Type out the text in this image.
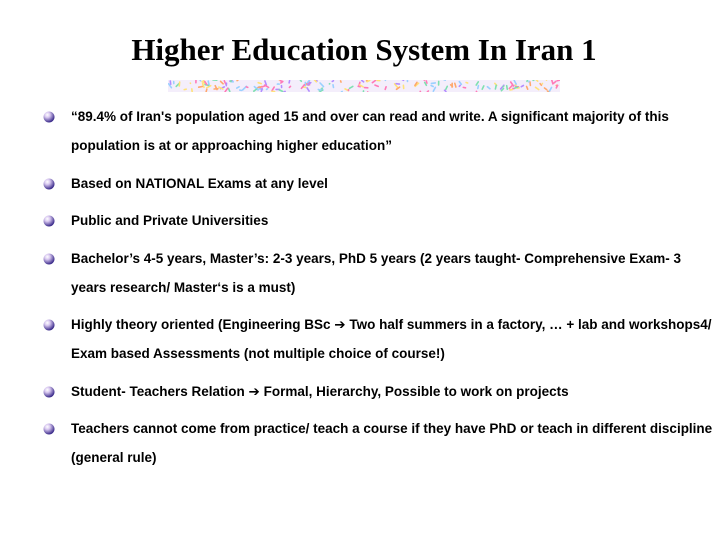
Higher Education System In Iran 1
“89.4% of Iran's population aged 15 and over can read and write. A significant majority of this population is at or approaching higher education”
Based on NATIONAL Exams at any level
Public and Private Universities
Bachelor’s 4-5 years, Master’s: 2-3 years, PhD 5 years (2 years taught- Comprehensive Exam- 3 years research/ Master‘s is a must)
Highly theory oriented (Engineering BSc ➔ Two half summers in a factory, … + lab and workshops4/ Exam based Assessments (not multiple choice of course!)
Student- Teachers Relation ➔ Formal, Hierarchy, Possible to work on projects
Teachers cannot come from practice/ teach a course if they have PhD or teach in different discipline (general rule)
